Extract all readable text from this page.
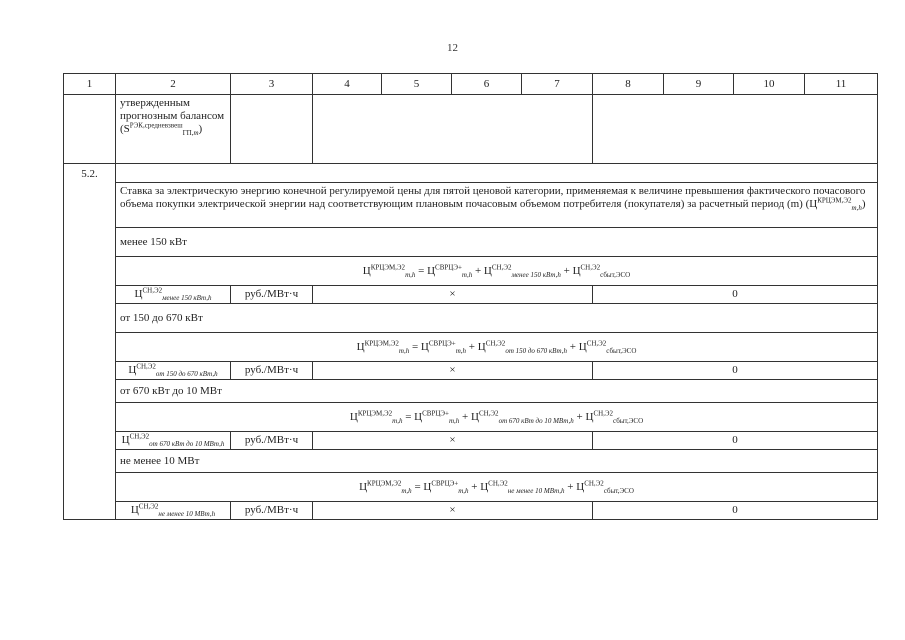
12
1	2	3	4	5	6	7	8	9	10	11
	утвержденным прогнозным балансом
$(S^{РЭК,средневзвеш}_{ГП,m})$									
5.2.										
	Ставка за электрическую энергию конечной регулируемой цены для пятой ценовой категории, применяемая к величине превышения фактического почасового объема покупки электрической энергии над соответствующим плановым почасовым объемом потребителя (покупателя) за расчетный период (m) $(Ц^{КРЦЭМ,Э2}_{m,h})$									
	менее 150 кВт									
	$Ц^{КРЦЭМ,Э2}_{m,h} = Ц^{СВРЦЭ+}_{m,h} + Ц^{СН,Э2}_{менее 150 кВт,h} + Ц^{СН,Э2}_{сбыт,ЭСО}$
	$Ц^{СН,Э2}_{менее 150 кВт,h}$	руб./МВт·ч	×				0			
	от 150 до 670 кВт									
	$Ц^{КРЦЭМ,Э2}_{m,h} = Ц^{СВРЦЭ+}_{m,h} + Ц^{СН,Э2}_{от 150 до 670 кВт,h} + Ц^{СН,Э2}_{сбыт,ЭСО}$
	$Ц^{СН,Э2}_{от 150 до 670 кВт,h}$	руб./МВт·ч	×				0			
	от 670 кВт до 10 МВт									
	$Ц^{КРЦЭМ,Э2}_{m,h} = Ц^{СВРЦЭ+}_{m,h} + Ц^{СН,Э2}_{от 670 кВт до 10 МВт,h} + Ц^{СН,Э2}_{сбыт,ЭСО}$
	$Ц^{СН,Э2}_{от 670 кВт до 10 МВт,h}$	руб./МВт·ч	×				0			
	не менее 10 МВт									
	$Ц^{КРЦЭМ,Э2}_{m,h} = Ц^{СВРЦЭ+}_{m,h} + Ц^{СН,Э2}_{не менее 10 МВт,h} + Ц^{СН,Э2}_{сбыт,ЭСО}$
	$Ц^{СН,Э2}_{не менее 10 МВт,h}$	руб./МВт·ч	×				0			
